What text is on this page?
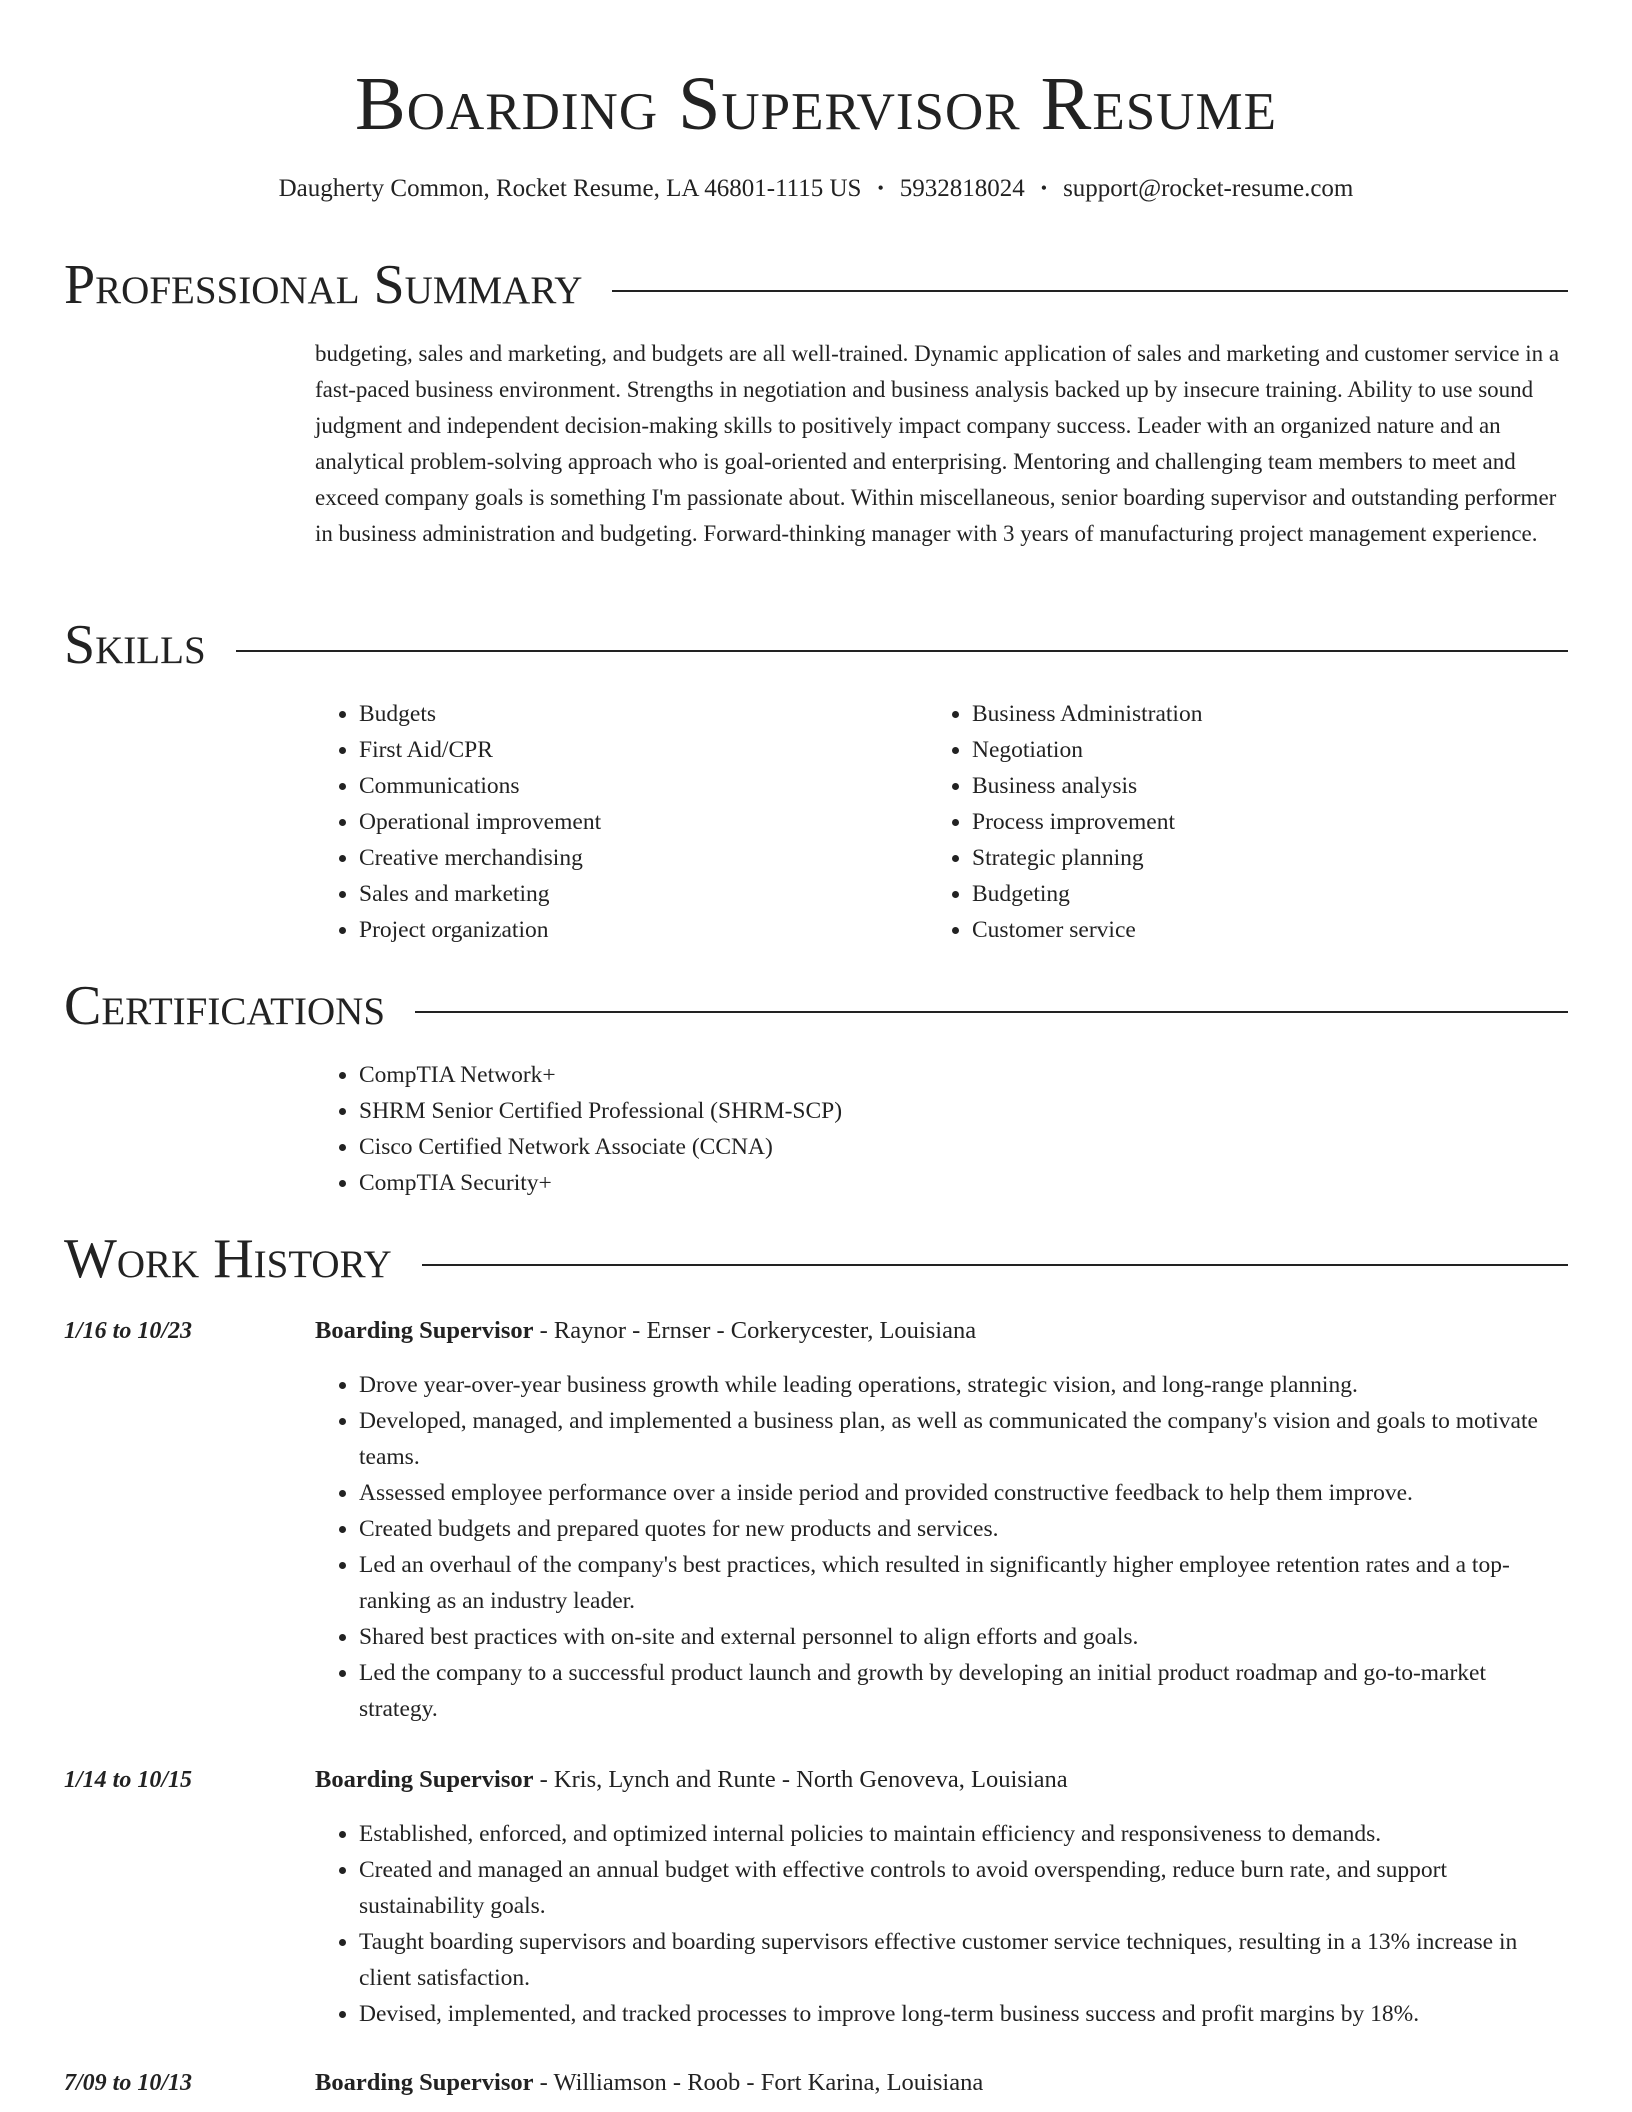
Boarding Supervisor Resume
Daugherty Common, Rocket Resume, LA 46801-1115 US • 5932818024 • support@rocket-resume.com
Professional Summary

budgeting, sales and marketing, and budgets are all well-trained. Dynamic application of sales and marketing and customer service in a fast-paced business environment. Strengths in negotiation and business analysis backed up by insecure training. Ability to use sound judgment and independent decision-making skills to positively impact company success. Leader with an organized nature and an analytical problem-solving approach who is goal-oriented and enterprising. Mentoring and challenging team members to meet and exceed company goals is something I'm passionate about. Within miscellaneous, senior boarding supervisor and outstanding performer in business administration and budgeting. Forward-thinking manager with 3 years of manufacturing project management experience.

Skills
• Budgets
• First Aid/CPR
• Communications
• Operational improvement
• Creative merchandising
• Sales and marketing
• Project organization
• Business Administration
• Negotiation
• Business analysis
• Process improvement
• Strategic planning
• Budgeting
• Customer service
Certifications
• CompTIA Network+
• SHRM Senior Certified Professional (SHRM-SCP)
• Cisco Certified Network Associate (CCNA)
• CompTIA Security+
Work History
1/16 to 10/23	Boarding Supervisor - Raynor - Ernser - Corkerycester, Louisiana
• Drove year-over-year business growth while leading operations, strategic vision, and long-range planning.
• Developed, managed, and implemented a business plan, as well as communicated the company's vision and goals to motivate teams.
• Assessed employee performance over a inside period and provided constructive feedback to help them improve.
• Created budgets and prepared quotes for new products and services.
• Led an overhaul of the company's best practices, which resulted in significantly higher employee retention rates and a top-ranking as an industry leader.
• Shared best practices with on-site and external personnel to align efforts and goals.
• Led the company to a successful product launch and growth by developing an initial product roadmap and go-to-market strategy.
1/14 to 10/15	Boarding Supervisor - Kris, Lynch and Runte - North Genoveva, Louisiana
• Established, enforced, and optimized internal policies to maintain efficiency and responsiveness to demands.
• Created and managed an annual budget with effective controls to avoid overspending, reduce burn rate, and support sustainability goals.
• Taught boarding supervisors and boarding supervisors effective customer service techniques, resulting in a 13% increase in client satisfaction.
• Devised, implemented, and tracked processes to improve long-term business success and profit margins by 18%.
7/09 to 10/13	Boarding Supervisor - Williamson - Roob - Fort Karina, Louisiana
